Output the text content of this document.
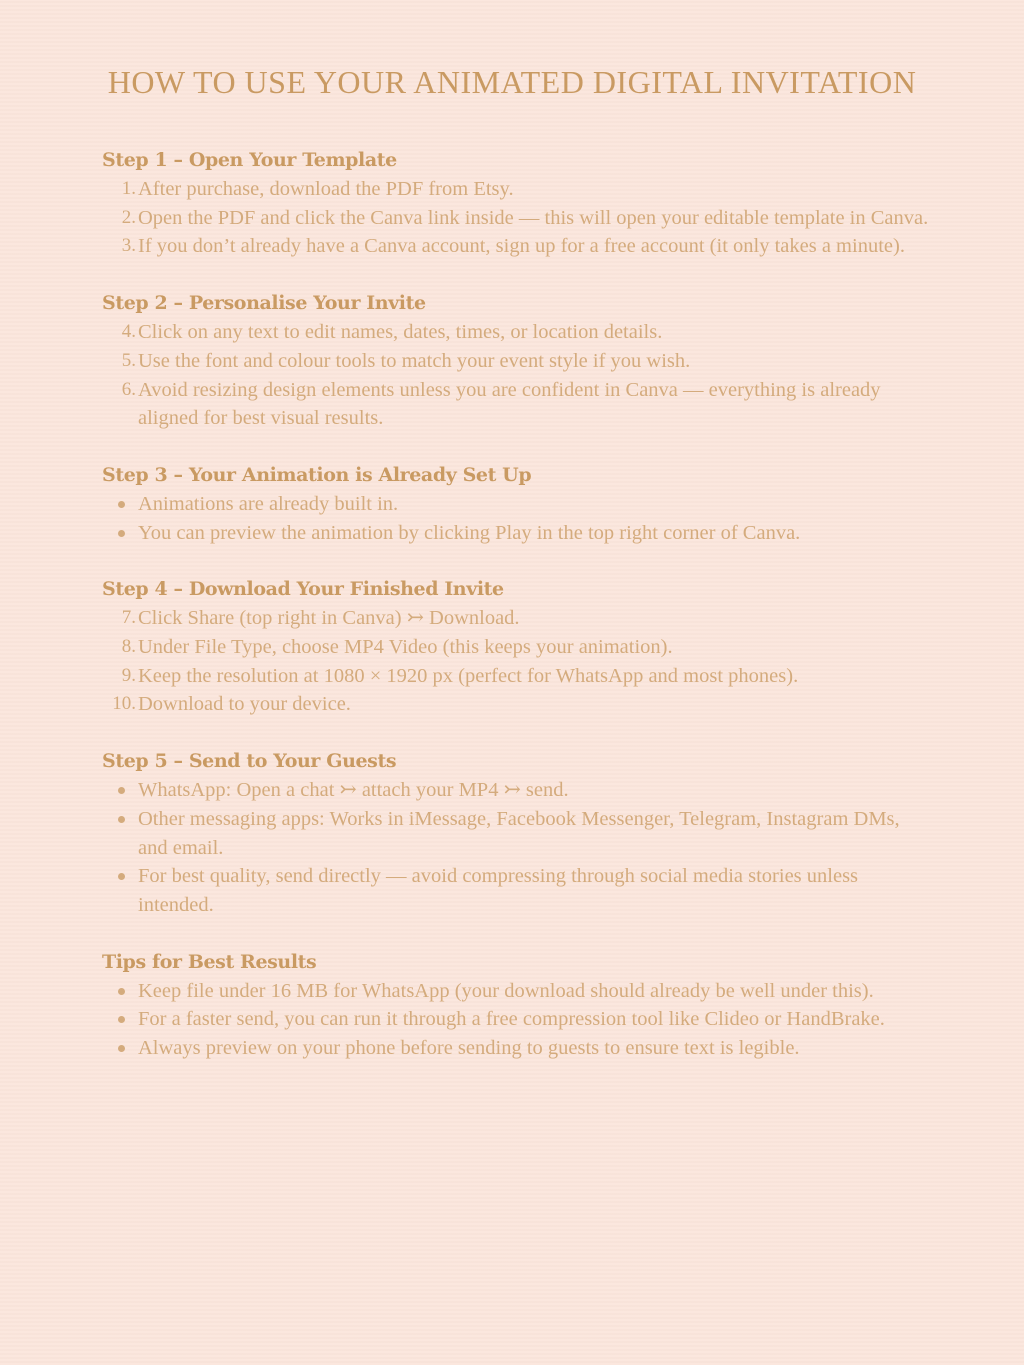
HOW TO USE YOUR ANIMATED DIGITAL INVITATION
Step 1 – Open Your Template
1. After purchase, download the PDF from Etsy.
2. Open the PDF and click the Canva link inside — this will open your editable template in Canva.
3. If you don’t already have a Canva account, sign up for a free account (it only takes a minute).
Step 2 – Personalise Your Invite
4. Click on any text to edit names, dates, times, or location details.
5. Use the font and colour tools to match your event style if you wish.
6. Avoid resizing design elements unless you are confident in Canva — everything is already aligned for best visual results.
Step 3 – Your Animation is Already Set Up
Animations are already built in.
You can preview the animation by clicking Play in the top right corner of Canva.
Step 4 – Download Your Finished Invite
7. Click Share (top right in Canva) ↣ Download.
8. Under File Type, choose MP4 Video (this keeps your animation).
9. Keep the resolution at 1080 × 1920 px (perfect for WhatsApp and most phones).
10. Download to your device.
Step 5 – Send to Your Guests
WhatsApp: Open a chat ↣ attach your MP4 ↣ send.
Other messaging apps: Works in iMessage, Facebook Messenger, Telegram, Instagram DMs, and email.
For best quality, send directly — avoid compressing through social media stories unless intended.
Tips for Best Results
Keep file under 16 MB for WhatsApp (your download should already be well under this).
For a faster send, you can run it through a free compression tool like Clideo or HandBrake.
Always preview on your phone before sending to guests to ensure text is legible.
